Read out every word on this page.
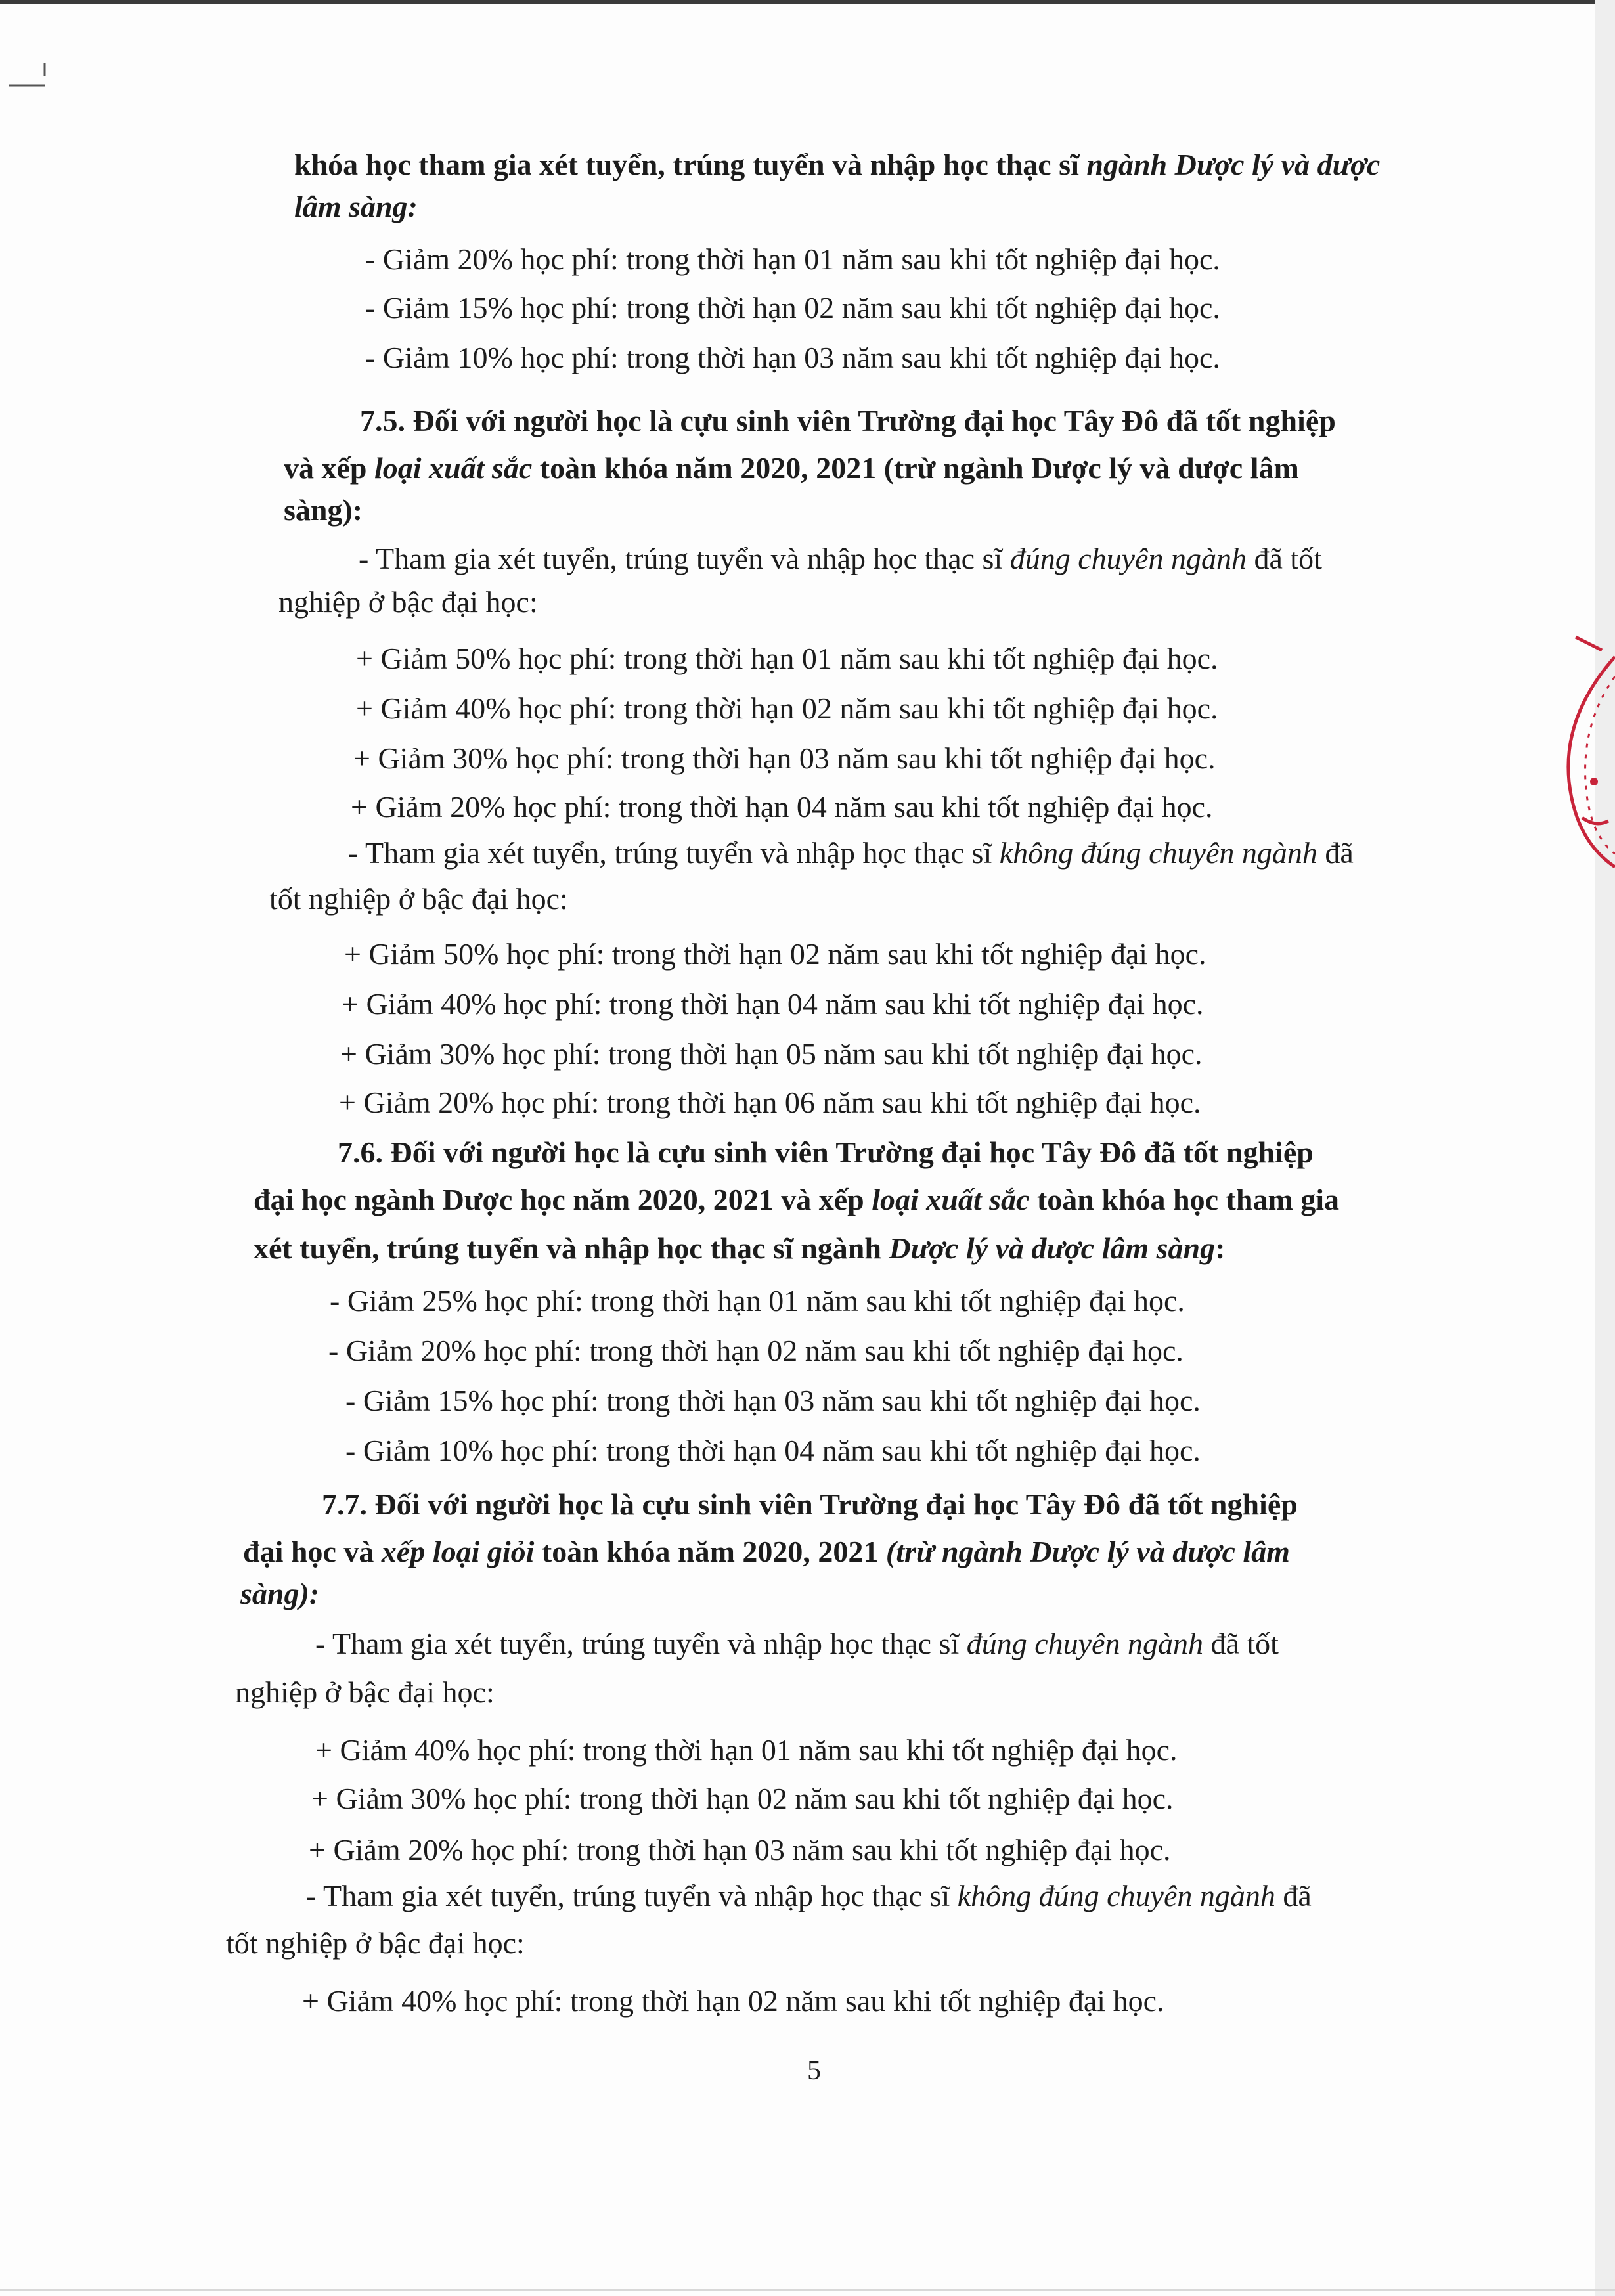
khóa học tham gia xét tuyển, trúng tuyển và nhập học thạc sĩ ngành Dược lý và dược
lâm sàng:
- Giảm 20% học phí: trong thời hạn 01 năm sau khi tốt nghiệp đại học.
- Giảm 15% học phí: trong thời hạn 02 năm sau khi tốt nghiệp đại học.
- Giảm 10% học phí: trong thời hạn 03 năm sau khi tốt nghiệp đại học.
7.5. Đối với người học là cựu sinh viên Trường đại học Tây Đô đã tốt nghiệp
và xếp loại xuất sắc toàn khóa năm 2020, 2021 (trừ ngành Dược lý và dược lâm
sàng):
- Tham gia xét tuyển, trúng tuyển và nhập học thạc sĩ đúng chuyên ngành đã tốt
nghiệp ở bậc đại học:
+ Giảm 50% học phí: trong thời hạn 01 năm sau khi tốt nghiệp đại học.
+ Giảm 40% học phí: trong thời hạn 02 năm sau khi tốt nghiệp đại học.
+ Giảm 30% học phí: trong thời hạn 03 năm sau khi tốt nghiệp đại học.
+ Giảm 20% học phí: trong thời hạn 04 năm sau khi tốt nghiệp đại học.
- Tham gia xét tuyển, trúng tuyển và nhập học thạc sĩ không đúng chuyên ngành đã
tốt nghiệp ở bậc đại học:
+ Giảm 50% học phí: trong thời hạn 02 năm sau khi tốt nghiệp đại học.
+ Giảm 40% học phí: trong thời hạn 04 năm sau khi tốt nghiệp đại học.
+ Giảm 30% học phí: trong thời hạn 05 năm sau khi tốt nghiệp đại học.
+ Giảm 20% học phí: trong thời hạn 06 năm sau khi tốt nghiệp đại học.
7.6. Đối với người học là cựu sinh viên Trường đại học Tây Đô đã tốt nghiệp
đại học ngành Dược học năm 2020, 2021 và xếp loại xuất sắc toàn khóa học tham gia
xét tuyển, trúng tuyển và nhập học thạc sĩ ngành Dược lý và dược lâm sàng:
- Giảm 25% học phí: trong thời hạn 01 năm sau khi tốt nghiệp đại học.
- Giảm 20% học phí: trong thời hạn 02 năm sau khi tốt nghiệp đại học.
- Giảm 15% học phí: trong thời hạn 03 năm sau khi tốt nghiệp đại học.
- Giảm 10% học phí: trong thời hạn 04 năm sau khi tốt nghiệp đại học.
7.7. Đối với người học là cựu sinh viên Trường đại học Tây Đô đã tốt nghiệp
đại học và xếp loại giỏi toàn khóa năm 2020, 2021 (trừ ngành Dược lý và dược lâm
sàng):
- Tham gia xét tuyển, trúng tuyển và nhập học thạc sĩ đúng chuyên ngành đã tốt
nghiệp ở bậc đại học:
+ Giảm 40% học phí: trong thời hạn 01 năm sau khi tốt nghiệp đại học.
+ Giảm 30% học phí: trong thời hạn 02 năm sau khi tốt nghiệp đại học.
+ Giảm 20% học phí: trong thời hạn 03 năm sau khi tốt nghiệp đại học.
- Tham gia xét tuyển, trúng tuyển và nhập học thạc sĩ không đúng chuyên ngành đã
tốt nghiệp ở bậc đại học:
+ Giảm 40% học phí: trong thời hạn 02 năm sau khi tốt nghiệp đại học.
5
